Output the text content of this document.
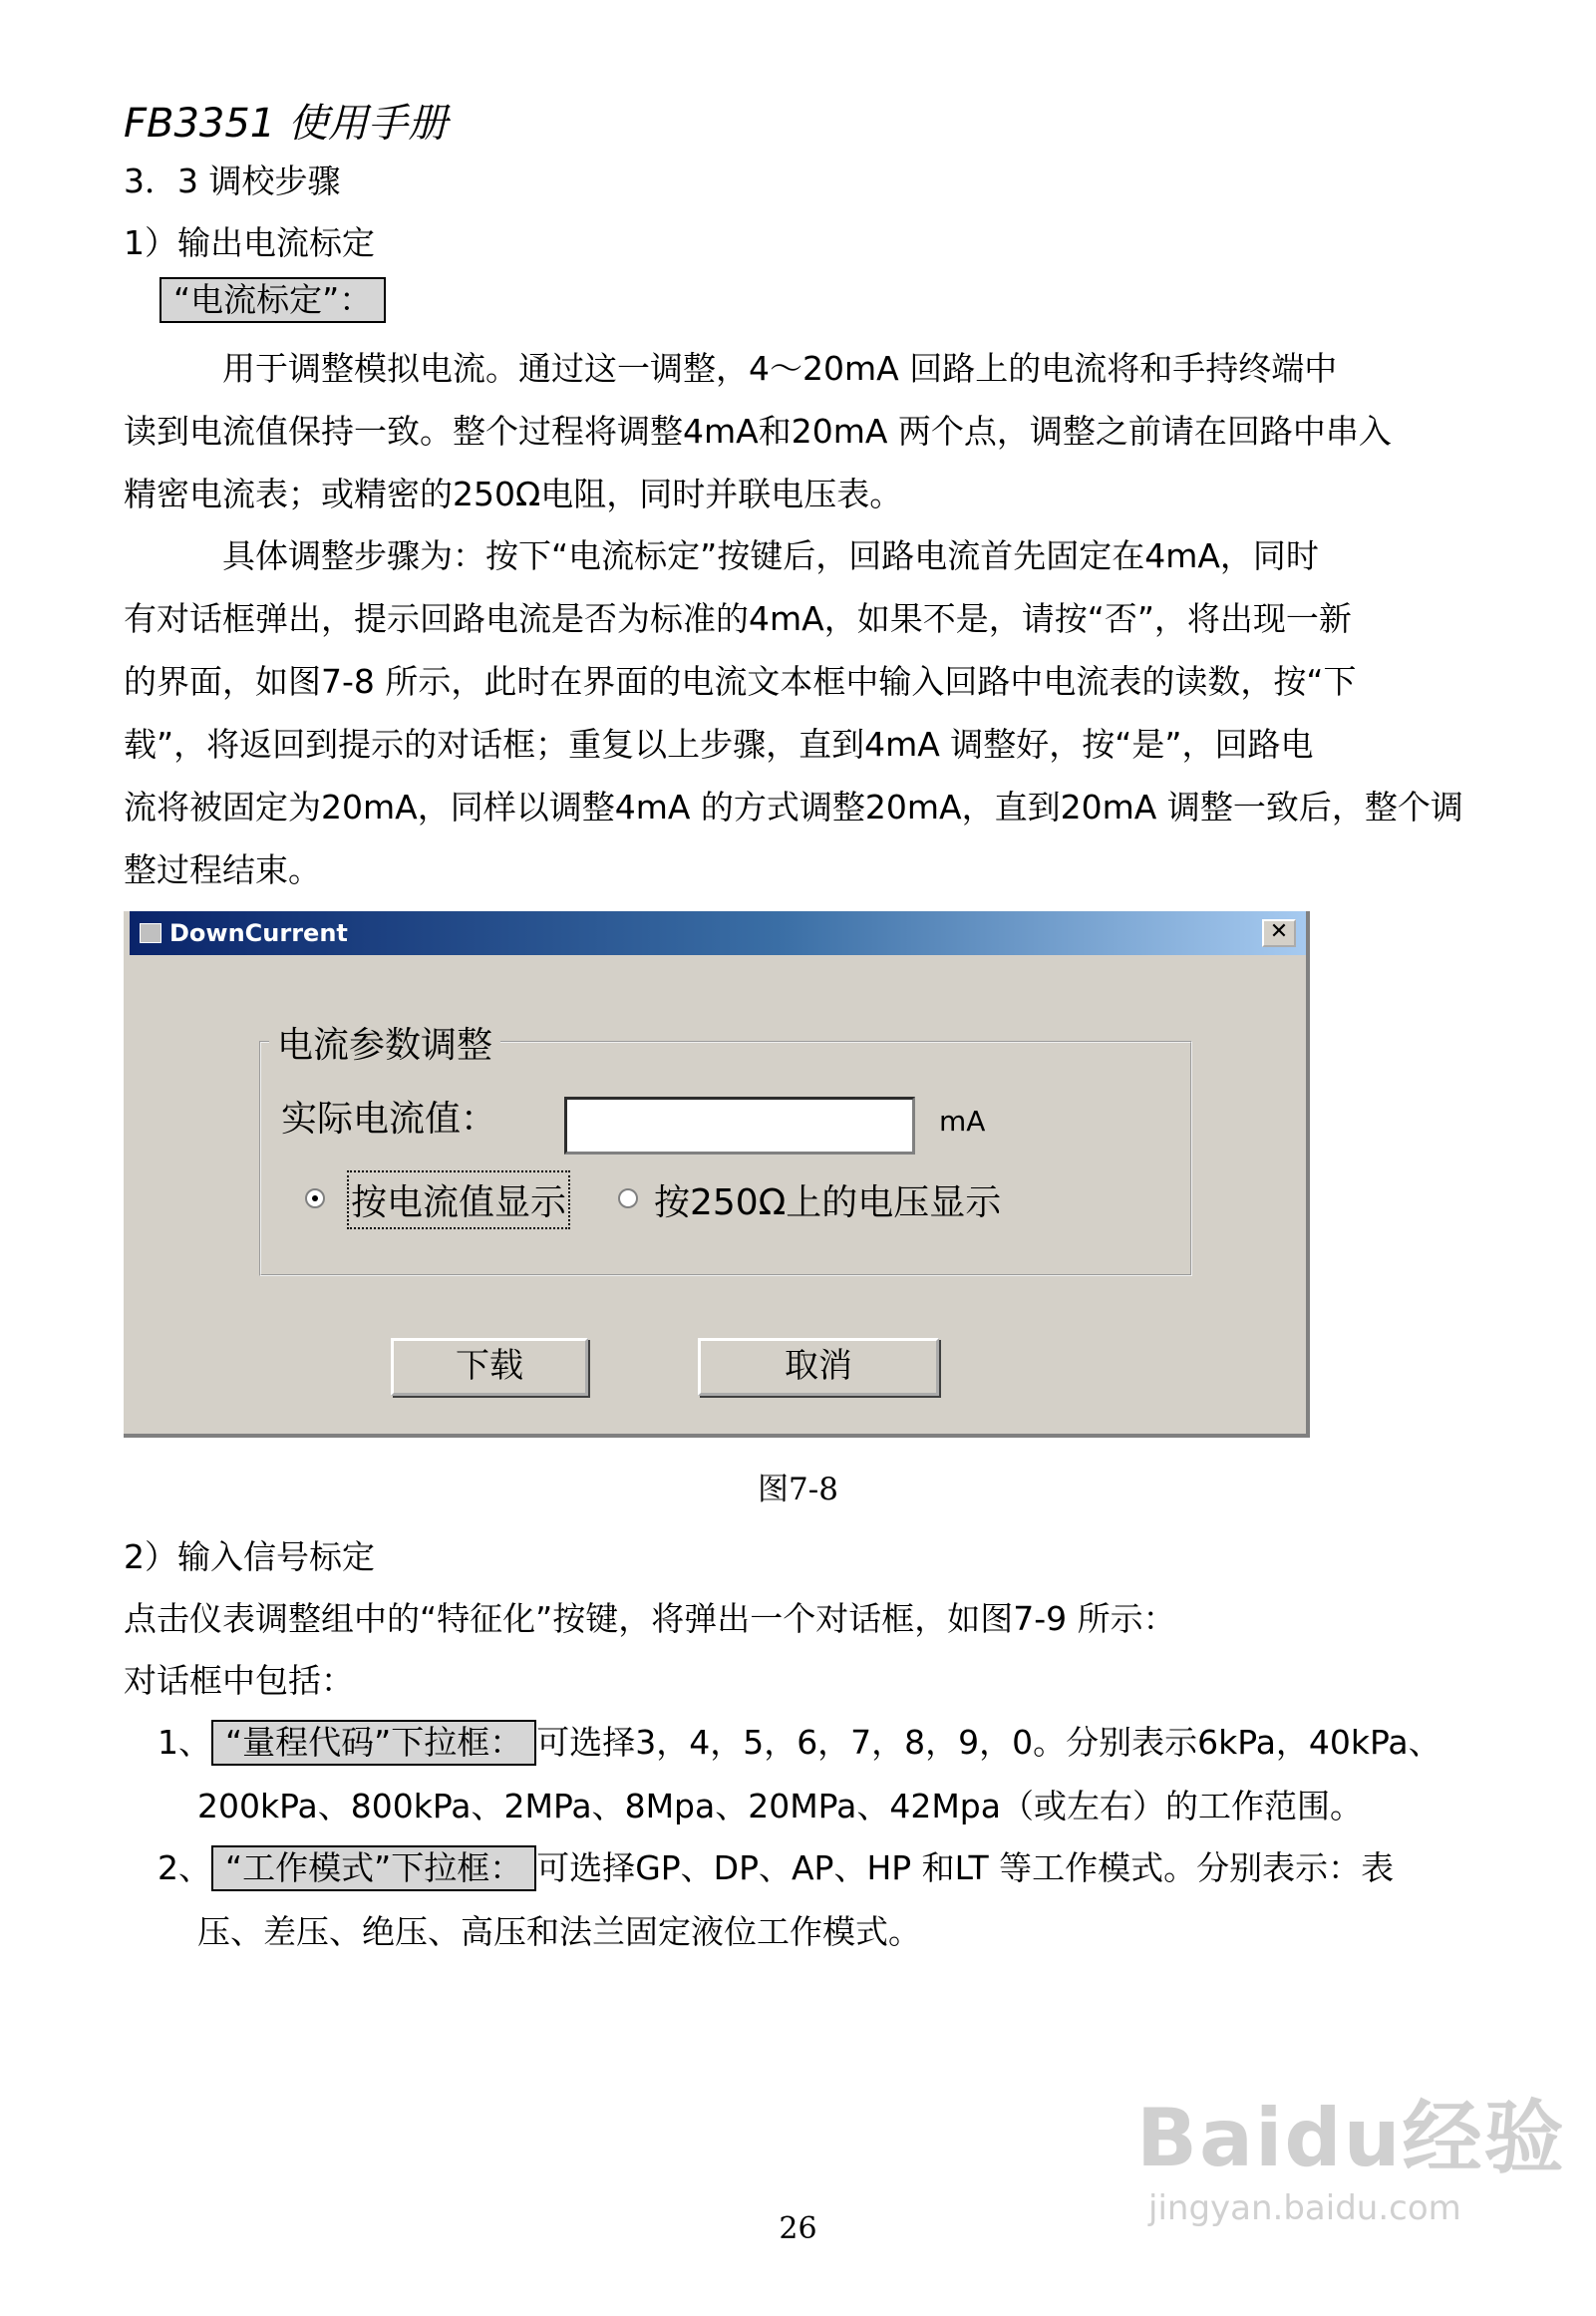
FB3351 使用手册
3．3 调校步骤
1）输出电流标定
“电流标定”：
　　　用于调整模拟电流。通过这一调整，4～20mA 回路上的电流将和手持终端中
读到电流值保持一致。整个过程将调整4mA和20mA 两个点，调整之前请在回路中串入
精密电流表；或精密的250Ω电阻，同时并联电压表。
　　　具体调整步骤为：按下“电流标定”按键后，回路电流首先固定在4mA，同时
有对话框弹出，提示回路电流是否为标准的4mA，如果不是，请按“否”，将出现一新
的界面，如图7-8 所示，此时在界面的电流文本框中输入回路中电流表的读数，按“下
载”，将返回到提示的对话框；重复以上步骤，直到4mA 调整好，按“是”，回路电
流将被固定为20mA，同样以调整4mA 的方式调整20mA，直到20mA 调整一致后，整个调
整过程结束。
DownCurrent	✕
电流参数调整
实际电流值：	mA
按电流值显示 按250Ω上的电压显示
下载	取消
图7-8
2）输入信号标定
点击仪表调整组中的“特征化”按键，将弹出一个对话框，如图7-9 所示：
对话框中包括：
1、 “量程代码”下拉框： 可选择3，4，5，6，7，8，9，0。分别表示6kPa，40kPa、
200kPa、800kPa、2MPa、8Mpa、20MPa、42Mpa（或左右）的工作范围。
2、 “工作模式”下拉框： 可选择GP、DP、AP、HP 和LT 等工作模式。分别表示：表
压、差压、绝压、高压和法兰固定液位工作模式。
Baidu经验
jingyan.baidu.com
26
